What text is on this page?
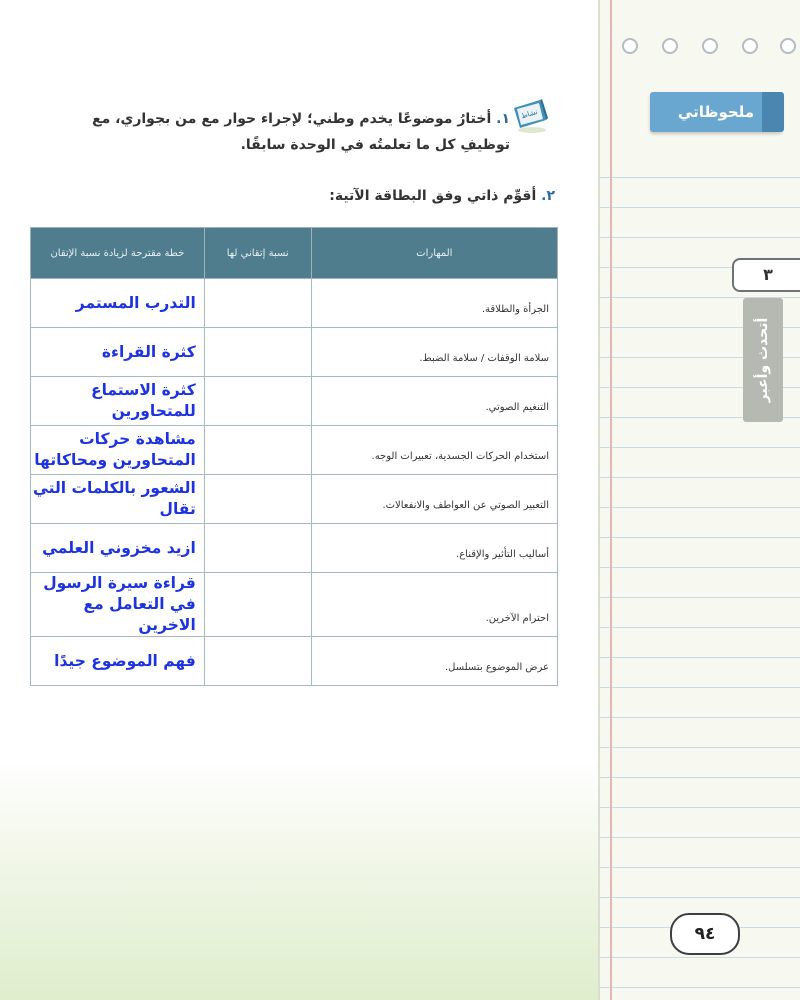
ملحوظاتي
٣
أتحدث وأعبر
٩٤
نشاط
١. أختارُ موضوعًا يخدم وطني؛ لإجراء حوار مع من بجواري، مع توظيفِ كل ما تعلمتُه في الوحدة سابقًا.
٢. أقوِّم ذاتي وفق البطاقة الآتية:
المهارات	نسبة إتقاني لها	خطة مقترحة لزيادة نسبة الإتقان

الجرأة والطلاقة.		التدرب المستمر

سلامة الوقفات / سلامة الضبط.		كثرة القراءة

التنغيم الصوتي.		كثرة الاستماع للمتحاورين

استخدام الحركات الجسدية، تعبيرات الوجه.		مشاهدة حركات المتحاورين ومحاكاتها

التعبير الصوتي عن العواطف والانفعالات.		الشعور بالكلمات التي تقال

أساليب التأثير والإقناع.		ازيد مخزوني العلمي

احترام الآخرين.		قراءة سيرة الرسول في التعامل مع الاخرين

عرض الموضوع بتسلسل.		فهم الموضوع جيدًا
